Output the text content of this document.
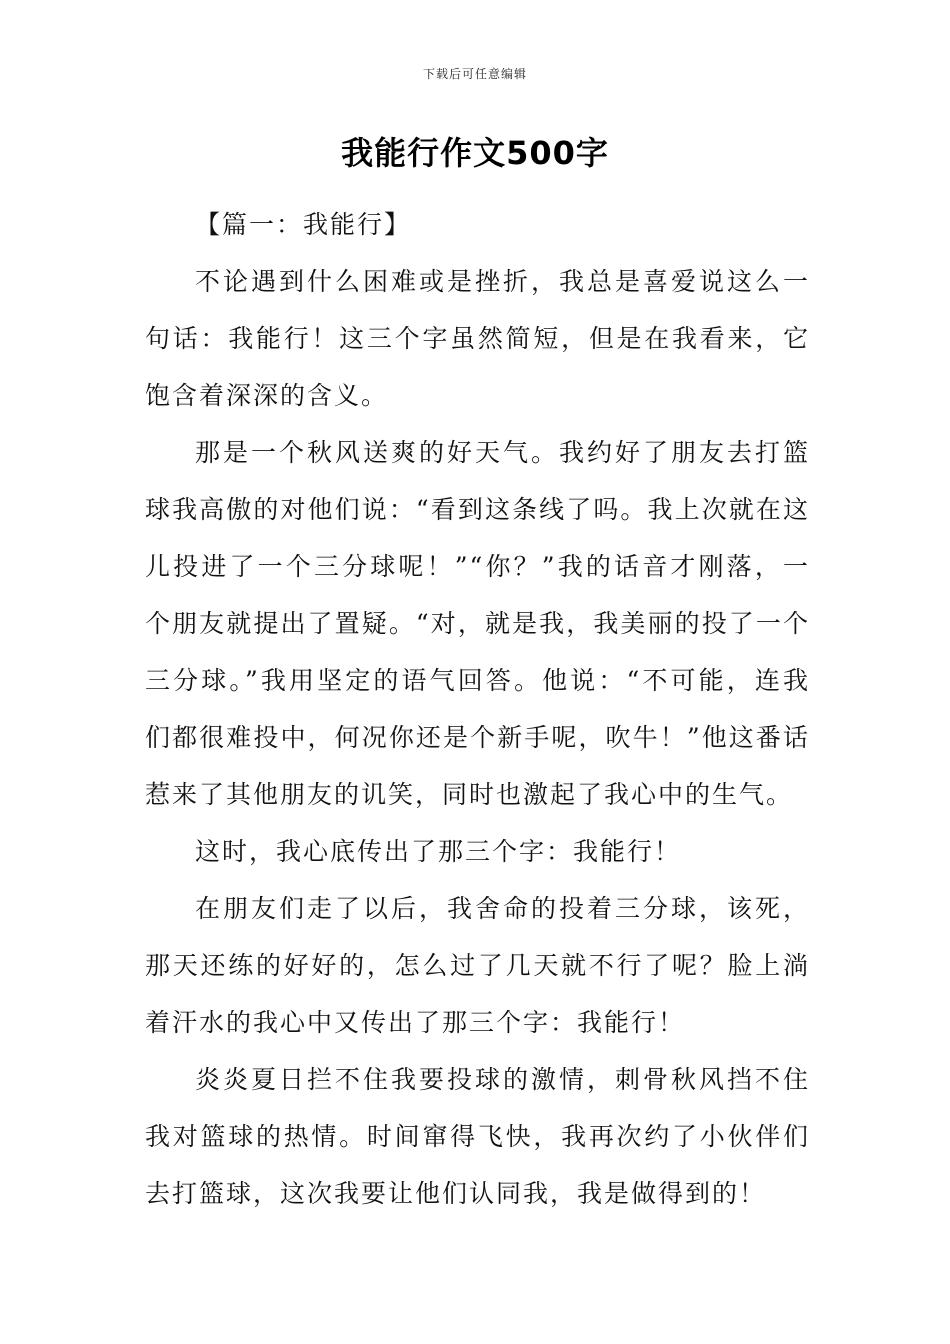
下载后可任意编辑
我能行作文500字

【篇一：我能行】

不论遇到什么困难或是挫折，我总是喜爱说这么一句话：我能行！这三个字虽然简短，但是在我看来，它饱含着深深的含义。

那是一个秋风送爽的好天气。我约好了朋友去打篮球我高傲的对他们说：“看到这条线了吗。我上次就在这儿投进了一个三分球呢！”“你？”我的话音才刚落，一个朋友就提出了置疑。“对，就是我，我美丽的投了一个三分球。”我用坚定的语气回答。他说：“不可能，连我们都很难投中，何况你还是个新手呢，吹牛！”他这番话惹来了其他朋友的讥笑，同时也激起了我心中的生气。

这时，我心底传出了那三个字：我能行！

在朋友们走了以后，我舍命的投着三分球，该死，那天还练的好好的，怎么过了几天就不行了呢？脸上淌着汗水的我心中又传出了那三个字：我能行！

炎炎夏日拦不住我要投球的激情，刺骨秋风挡不住我对篮球的热情。时间窜得飞快，我再次约了小伙伴们去打篮球，这次我要让他们认同我，我是做得到的！
